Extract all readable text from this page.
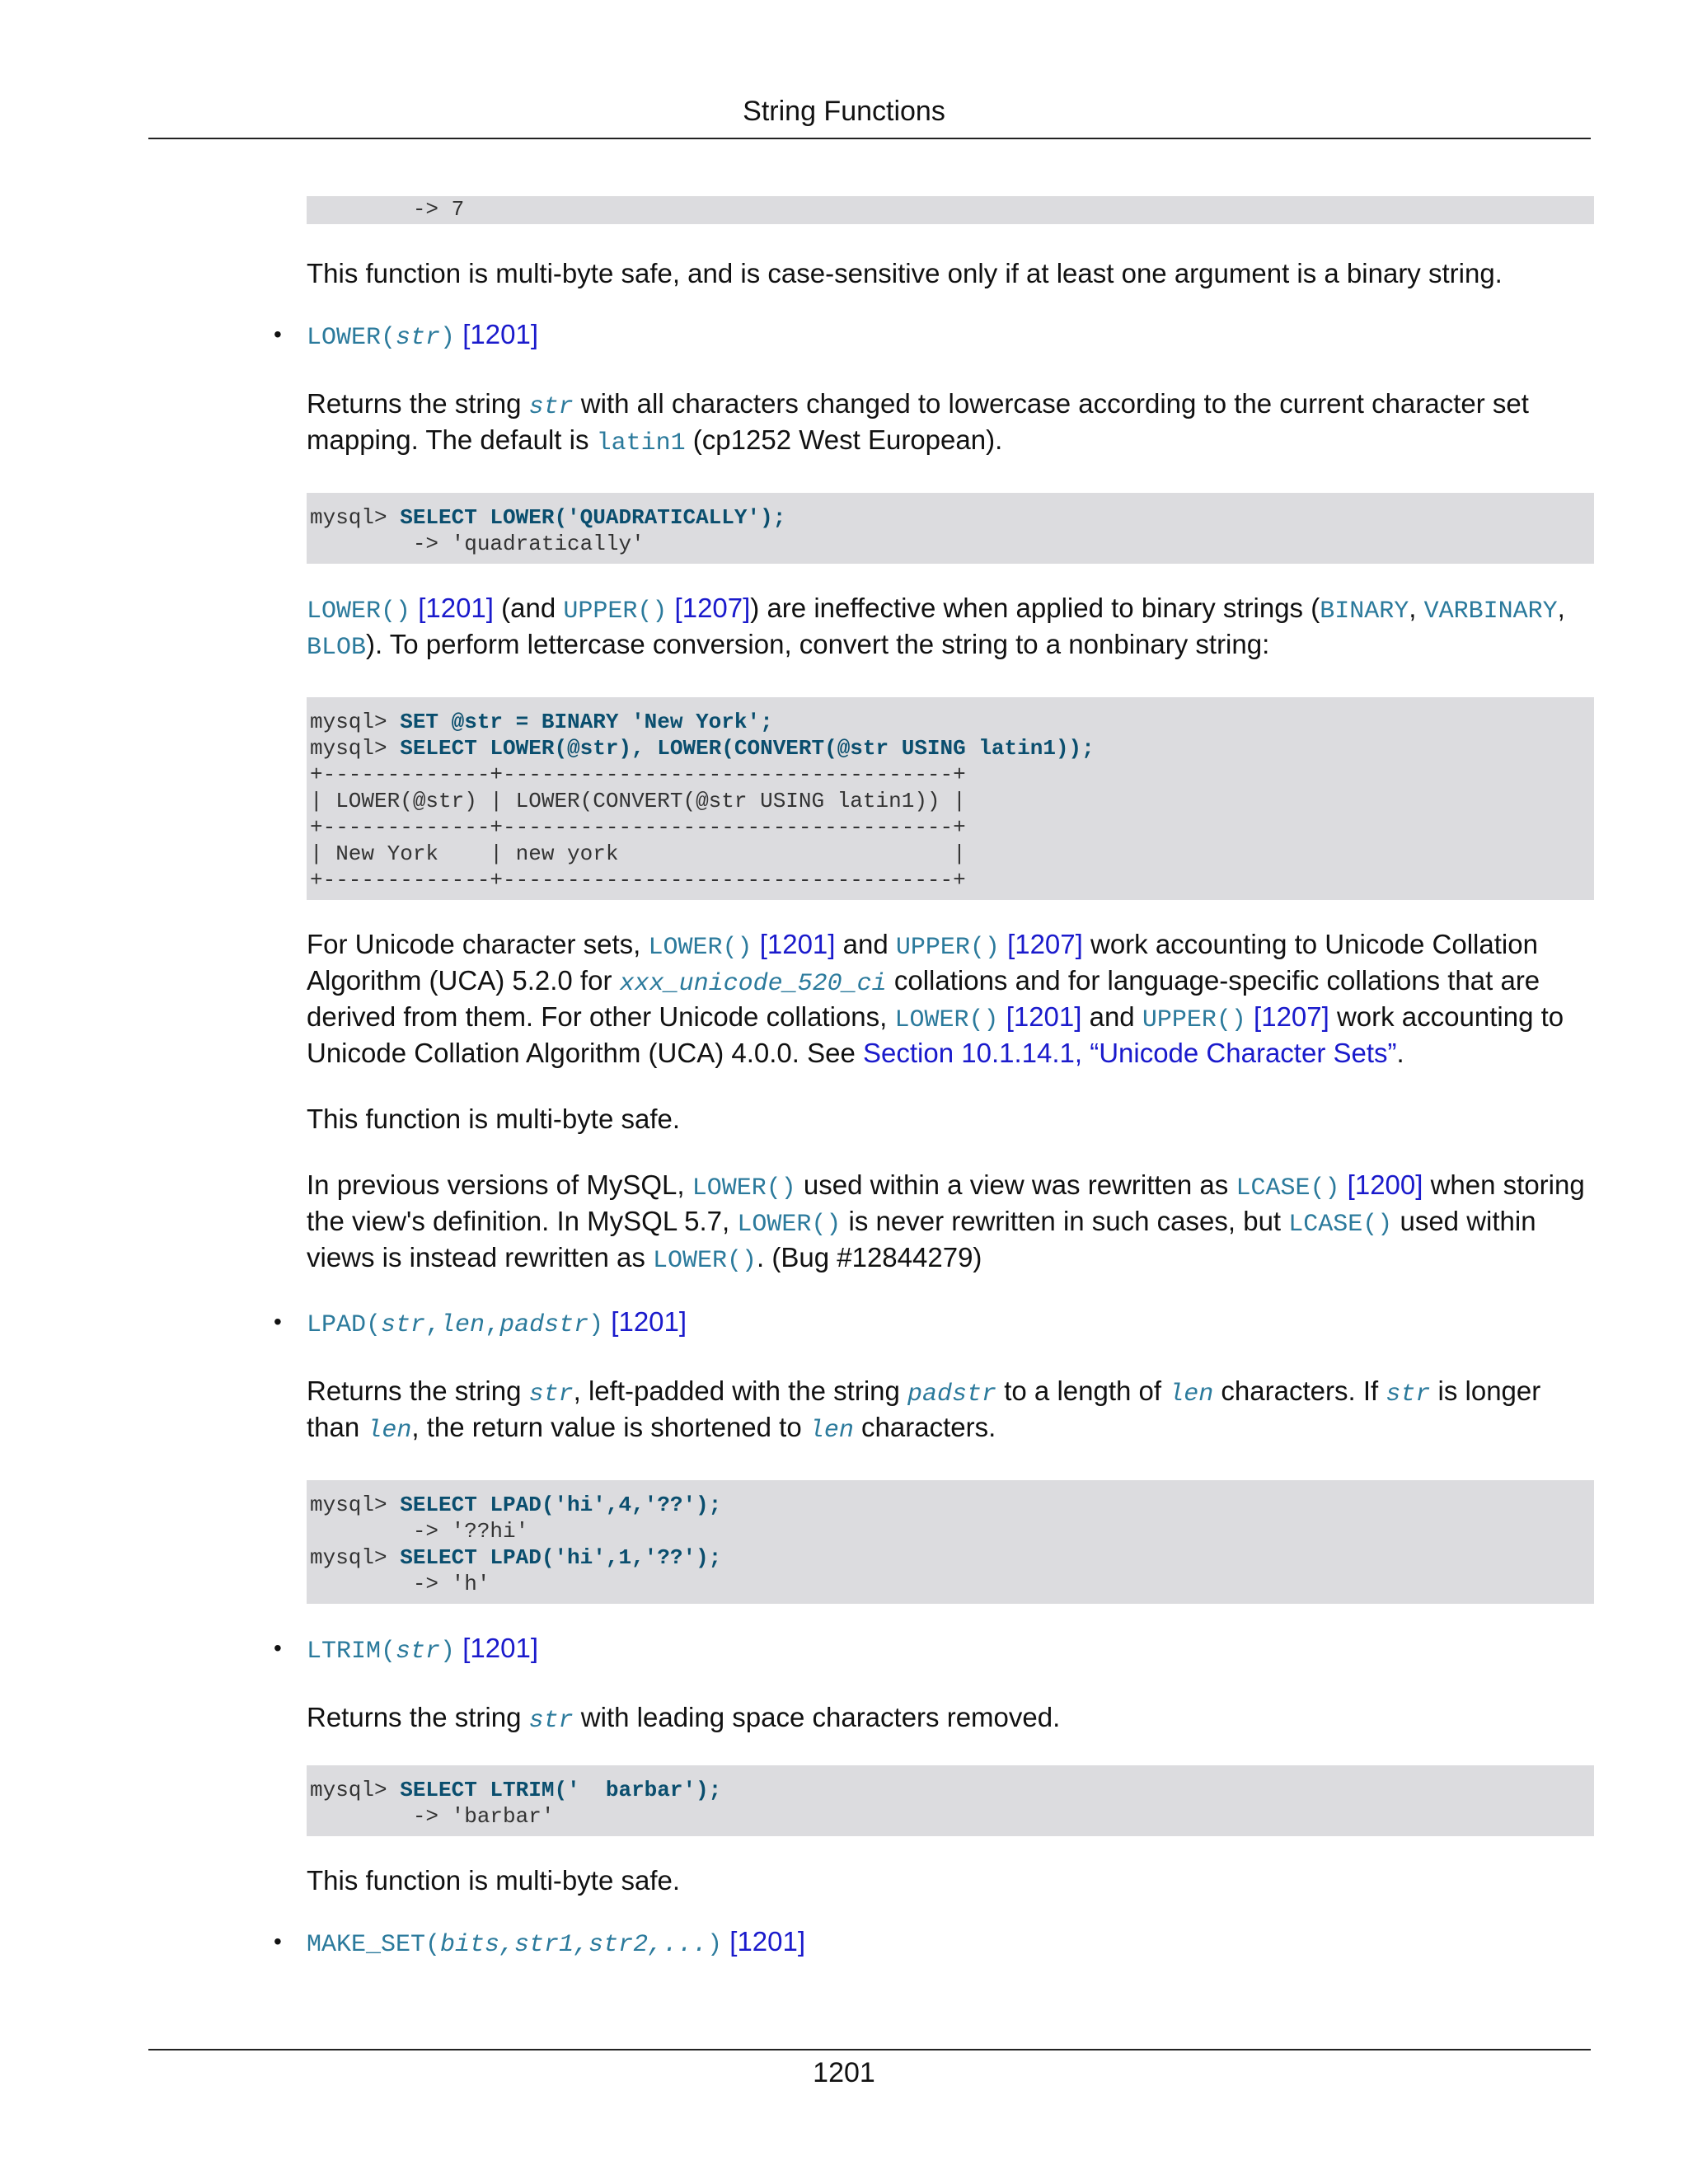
String Functions
-> 7

This function is multi-byte safe, and is case-sensitive only if at least one argument is a binary string.

• LOWER(str) [1201]

Returns the string str with all characters changed to lowercase according to the current character set mapping. The default is latin1 (cp1252 West European).

mysql> SELECT LOWER('QUADRATICALLY');
-> 'quadratically'

LOWER() [1201] (and UPPER() [1207]) are ineffective when applied to binary strings (BINARY, VARBINARY, BLOB). To perform lettercase conversion, convert the string to a nonbinary string:

mysql> SET @str = BINARY 'New York';
mysql> SELECT LOWER(@str), LOWER(CONVERT(@str USING latin1));
+-------------+-----------------------------------+
| LOWER(@str) | LOWER(CONVERT(@str USING latin1)) |
+-------------+-----------------------------------+
| New York    | new york                          |
+-------------+-----------------------------------+

For Unicode character sets, LOWER() [1201] and UPPER() [1207] work accounting to Unicode Collation Algorithm (UCA) 5.2.0 for xxx_unicode_520_ci collations and for language-specific collations that are derived from them. For other Unicode collations, LOWER() [1201] and UPPER() [1207] work accounting to Unicode Collation Algorithm (UCA) 4.0.0. See Section 10.1.14.1, “Unicode Character Sets”.

This function is multi-byte safe.

In previous versions of MySQL, LOWER() used within a view was rewritten as LCASE() [1200] when storing the view's definition. In MySQL 5.7, LOWER() is never rewritten in such cases, but LCASE() used within views is instead rewritten as LOWER(). (Bug #12844279)

• LPAD(str,len,padstr) [1201]

Returns the string str, left-padded with the string padstr to a length of len characters. If str is longer than len, the return value is shortened to len characters.

mysql> SELECT LPAD('hi',4,'??');
-> '??hi'
mysql> SELECT LPAD('hi',1,'??');
-> 'h'

• LTRIM(str) [1201]

Returns the string str with leading space characters removed.

mysql> SELECT LTRIM('  barbar');
-> 'barbar'

This function is multi-byte safe.

• MAKE_SET(bits,str1,str2,...) [1201]

1201
